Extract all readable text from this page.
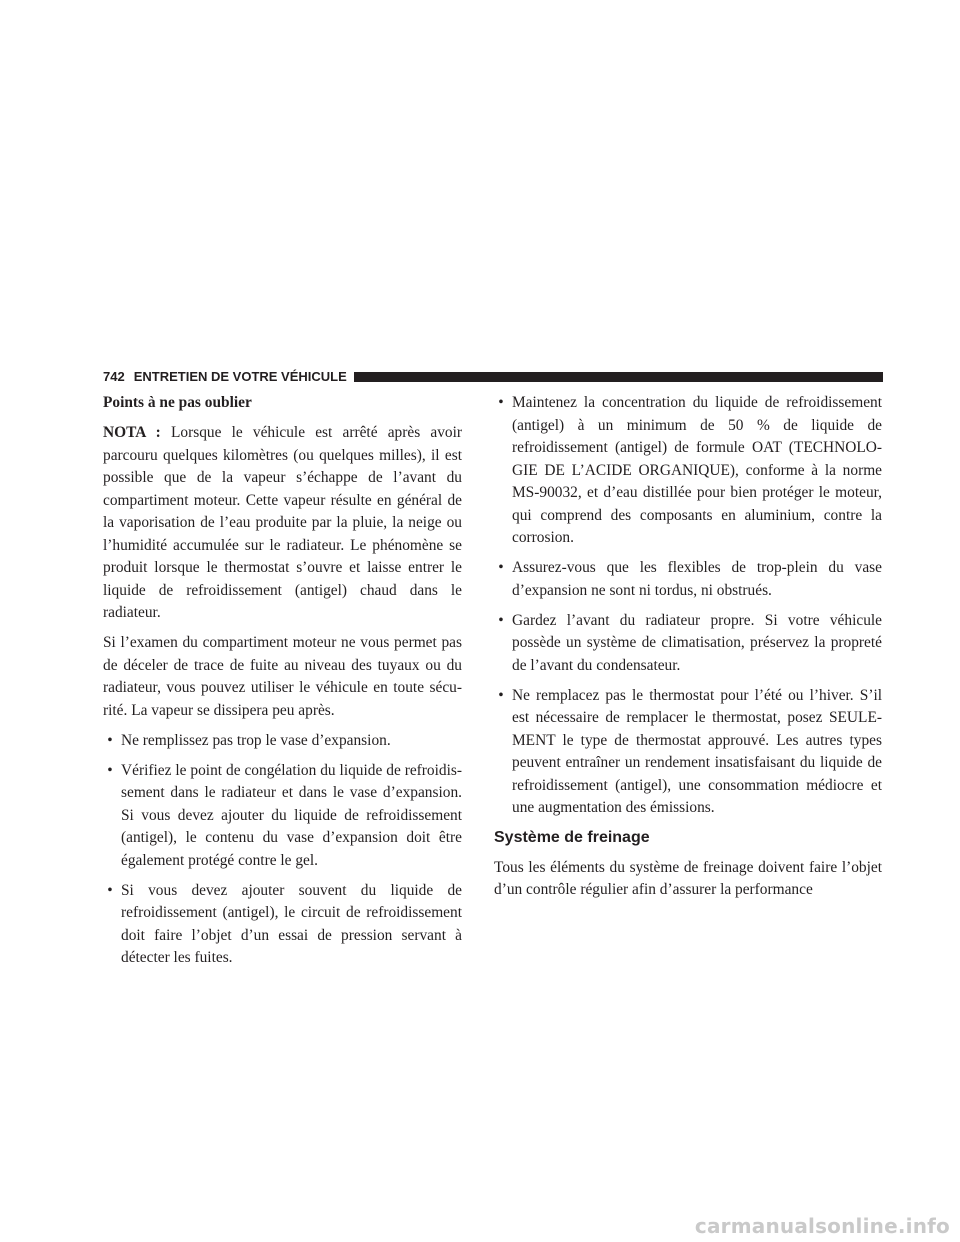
742 ENTRETIEN DE VOTRE VÉHICULE
Points à ne pas oublier

NOTA : Lorsque le véhicule est arrêté après avoir parcouru quelques kilomètres (ou quelques milles), il est possible que de la vapeur s’échappe de l’avant du compartiment moteur. Cette vapeur résulte en général de la vaporisation de l’eau produite par la pluie, la neige ou l’humidité accumulée sur le radiateur. Le phénomène se produit lorsque le thermostat s’ouvre et laisse entrer le liquide de refroidissement (antigel) chaud dans le radiateur.

Si l’examen du compartiment moteur ne vous permet pas de déceler de trace de fuite au niveau des tuyaux ou du radiateur, vous pouvez utiliser le véhicule en toute sécurité. La vapeur se dissipera peu après.

• Ne remplissez pas trop le vase d’expansion.
• Vérifiez le point de congélation du liquide de refroidissement dans le radiateur et dans le vase d’expansion. Si vous devez ajouter du liquide de refroidissement (antigel), le contenu du vase d’expansion doit être également protégé contre le gel.
• Si vous devez ajouter souvent du liquide de refroidissement (antigel), le circuit de refroidissement doit faire l’objet d’un essai de pression servant à détecter les fuites.
• Maintenez la concentration du liquide de refroidissement (antigel) à un minimum de 50 % de liquide de refroidissement (antigel) de formule OAT (TECHNOLOGIE DE L’ACIDE ORGANIQUE), conforme à la norme MS-90032, et d’eau distillée pour bien protéger le moteur, qui comprend des composants en aluminium, contre la corrosion.
• Assurez-vous que les flexibles de trop-plein du vase d’expansion ne sont ni tordus, ni obstrués.
• Gardez l’avant du radiateur propre. Si votre véhicule possède un système de climatisation, préservez la propreté de l’avant du condensateur.
• Ne remplacez pas le thermostat pour l’été ou l’hiver. S’il est nécessaire de remplacer le thermostat, posez SEULEMENT le type de thermostat approuvé. Les autres types peuvent entraîner un rendement insatisfaisant du liquide de refroidissement (antigel), une consommation médiocre et une augmentation des émissions.
Système de freinage

Tous les éléments du système de freinage doivent faire l’objet d’un contrôle régulier afin d’assurer la performance

carmanualsonline.info
